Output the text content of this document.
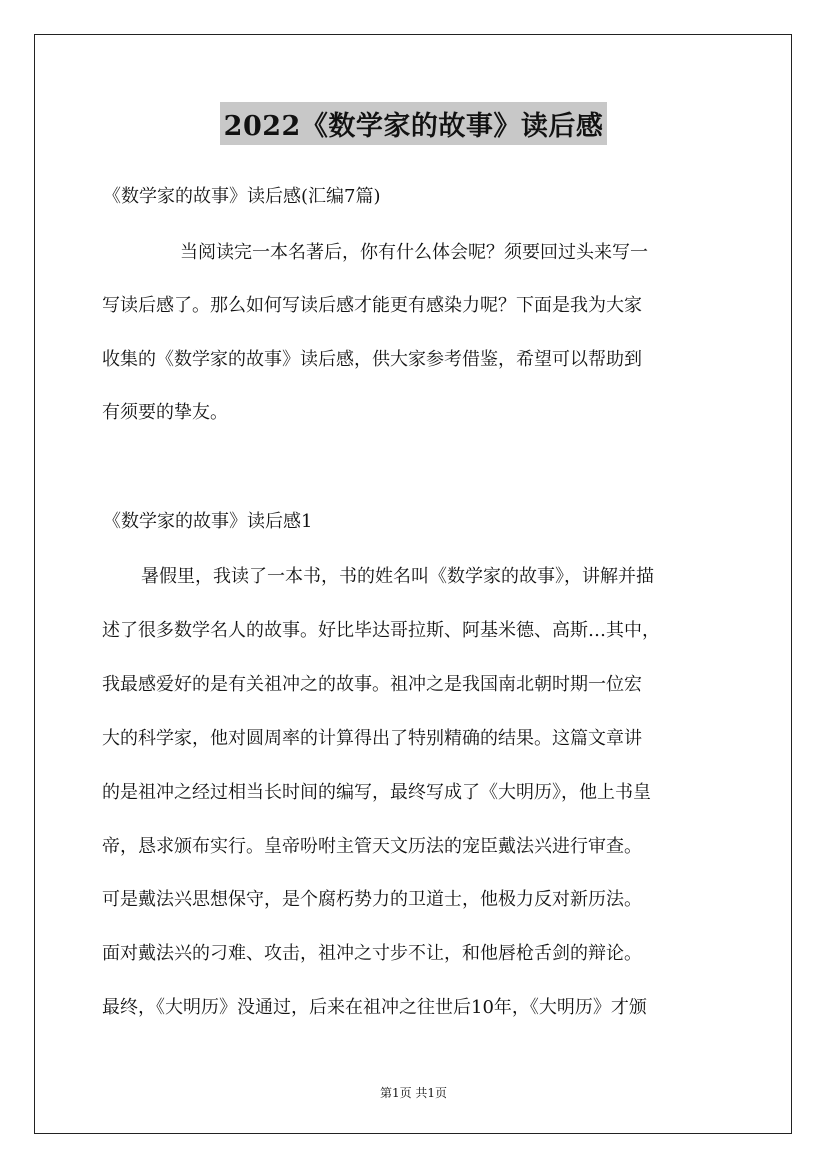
2022《数学家的故事》读后感
《数学家的故事》读后感(汇编7篇)
当阅读完一本名著后，你有什么体会呢？须要回过头来写一
写读后感了。那么如何写读后感才能更有感染力呢？下面是我为大家
收集的《数学家的故事》读后感，供大家参考借鉴，希望可以帮助到
有须要的挚友。
《数学家的故事》读后感1
暑假里，我读了一本书，书的姓名叫《数学家的故事》，讲解并描
述了很多数学名人的故事。好比毕达哥拉斯、阿基米德、高斯…其中，
我最感爱好的是有关祖冲之的故事。祖冲之是我国南北朝时期一位宏
大的科学家，他对圆周率的计算得出了特别精确的结果。这篇文章讲
的是祖冲之经过相当长时间的编写，最终写成了《大明历》，他上书皇
帝，恳求颁布实行。皇帝吩咐主管天文历法的宠臣戴法兴进行审查。
可是戴法兴思想保守，是个腐朽势力的卫道士，他极力反对新历法。
面对戴法兴的刁难、攻击，祖冲之寸步不让，和他唇枪舌剑的辩论。
最终，《大明历》没通过，后来在祖冲之往世后10年，《大明历》才颁
第1页 共1页
